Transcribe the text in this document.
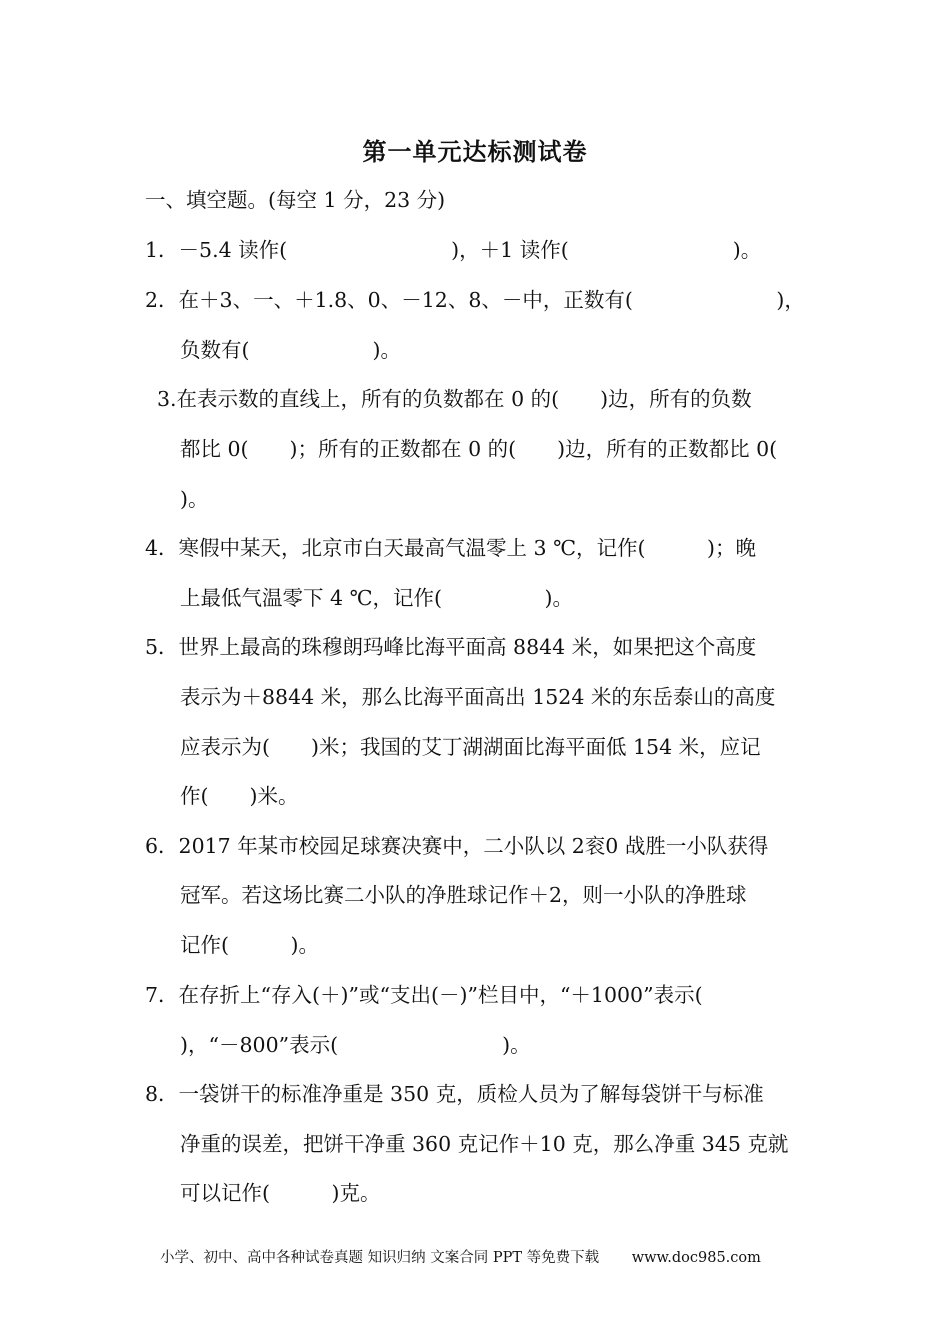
第一单元达标测试卷
一、填空题。(每空 1 分，23 分)
1．－5.4 读作(　　　　　　　　)，＋1 读作(　　　　　　　　)。
2．在＋3、一、＋1.8、0、－12、8、－中，正数有(　　　　　　　)，
负数有(　　　　　　)。
3.在表示数的直线上，所有的负数都在 0 的(　　)边，所有的负数
都比 0(　　)；所有的正数都在 0 的(　　)边，所有的正数都比 0(
)。
4．寒假中某天，北京市白天最高气温零上 3 ℃，记作(　　　)；晚
上最低气温零下 4 ℃，记作(　　　　　)。
5．世界上最高的珠穆朗玛峰比海平面高 8844 米，如果把这个高度
表示为＋8844 米，那么比海平面高出 1524 米的东岳泰山的高度
应表示为(　　)米；我国的艾丁湖湖面比海平面低 154 米，应记
作(　　)米。
6．2017 年某市校园足球赛决赛中，二小队以 2衮0 战胜一小队获得
冠军。若这场比赛二小队的净胜球记作＋2，则一小队的净胜球
记作(　　　)。
7．在存折上“存入(＋)”或“支出(－)”栏目中，“＋1000”表示(
)，“－800”表示(　　　　　　　　)。
8．一袋饼干的标准净重是 350 克，质检人员为了解每袋饼干与标准
净重的误差，把饼干净重 360 克记作＋10 克，那么净重 345 克就
可以记作(　　　)克。
小学、初中、高中各种试卷真题 知识归纳 文案合同 PPT 等免费下载 www.doc985.com
